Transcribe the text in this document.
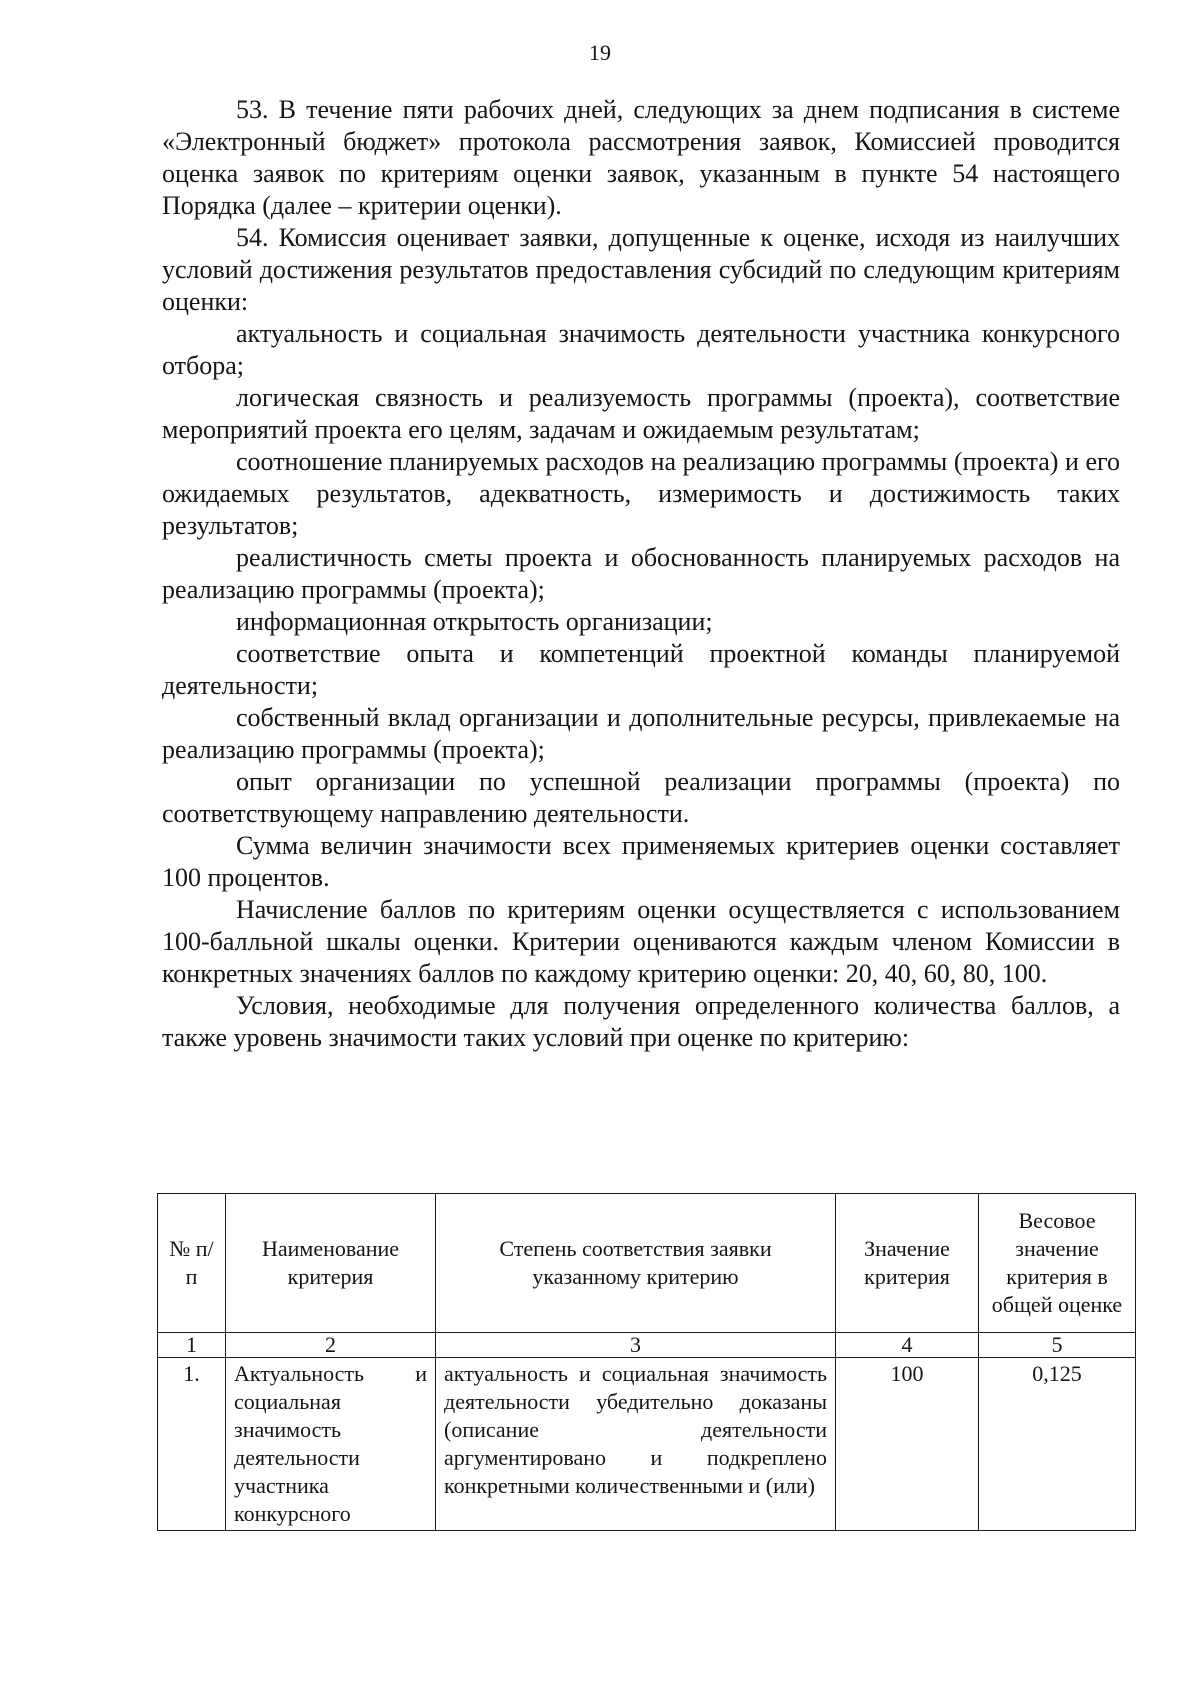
19

53. В течение пяти рабочих дней, следующих за днем подписания в системе «Электронный бюджет» протокола рассмотрения заявок, Комиссией проводится оценка заявок по критериям оценки заявок, указанным в пункте 54 настоящего Порядка (далее – критерии оценки).

54. Комиссия оценивает заявки, допущенные к оценке, исходя из наилучших условий достижения результатов предоставления субсидий по следующим критериям оценки:

актуальность и социальная значимость деятельности участника конкурсного отбора;

логическая связность и реализуемость программы (проекта), соответствие мероприятий проекта его целям, задачам и ожидаемым результатам;

соотношение планируемых расходов на реализацию программы (проекта) и его ожидаемых результатов, адекватность, измеримость и достижимость таких результатов;

реалистичность сметы проекта и обоснованность планируемых расходов на реализацию программы (проекта);

информационная открытость организации;

соответствие опыта и компетенций проектной команды планируемой деятельности;

собственный вклад организации и дополнительные ресурсы, привлекаемые на реализацию программы (проекта);

опыт организации по успешной реализации программы (проекта) по соответствующему направлению деятельности.

Сумма величин значимости всех применяемых критериев оценки составляет 100 процентов.

Начисление баллов по критериям оценки осуществляется с использованием 100-балльной шкалы оценки. Критерии оцениваются каждым членом Комиссии в конкретных значениях баллов по каждому критерию оценки: 20, 40, 60, 80, 100.

Условия, необходимые для получения определенного количества баллов, а также уровень значимости таких условий при оценке по критерию:

№ п/п	Наименование критерия	Степень соответствия заявки указанному критерию	Значение критерия	Весовое значение критерия в общей оценке
1	2	3	4	5
1.	Актуальность и социальная значимость деятельности участника конкурсного	актуальность и социальная значимость деятельности убедительно доказаны (описание деятельности аргументировано и подкреплено конкретными количественными и (или)	100	0,125
